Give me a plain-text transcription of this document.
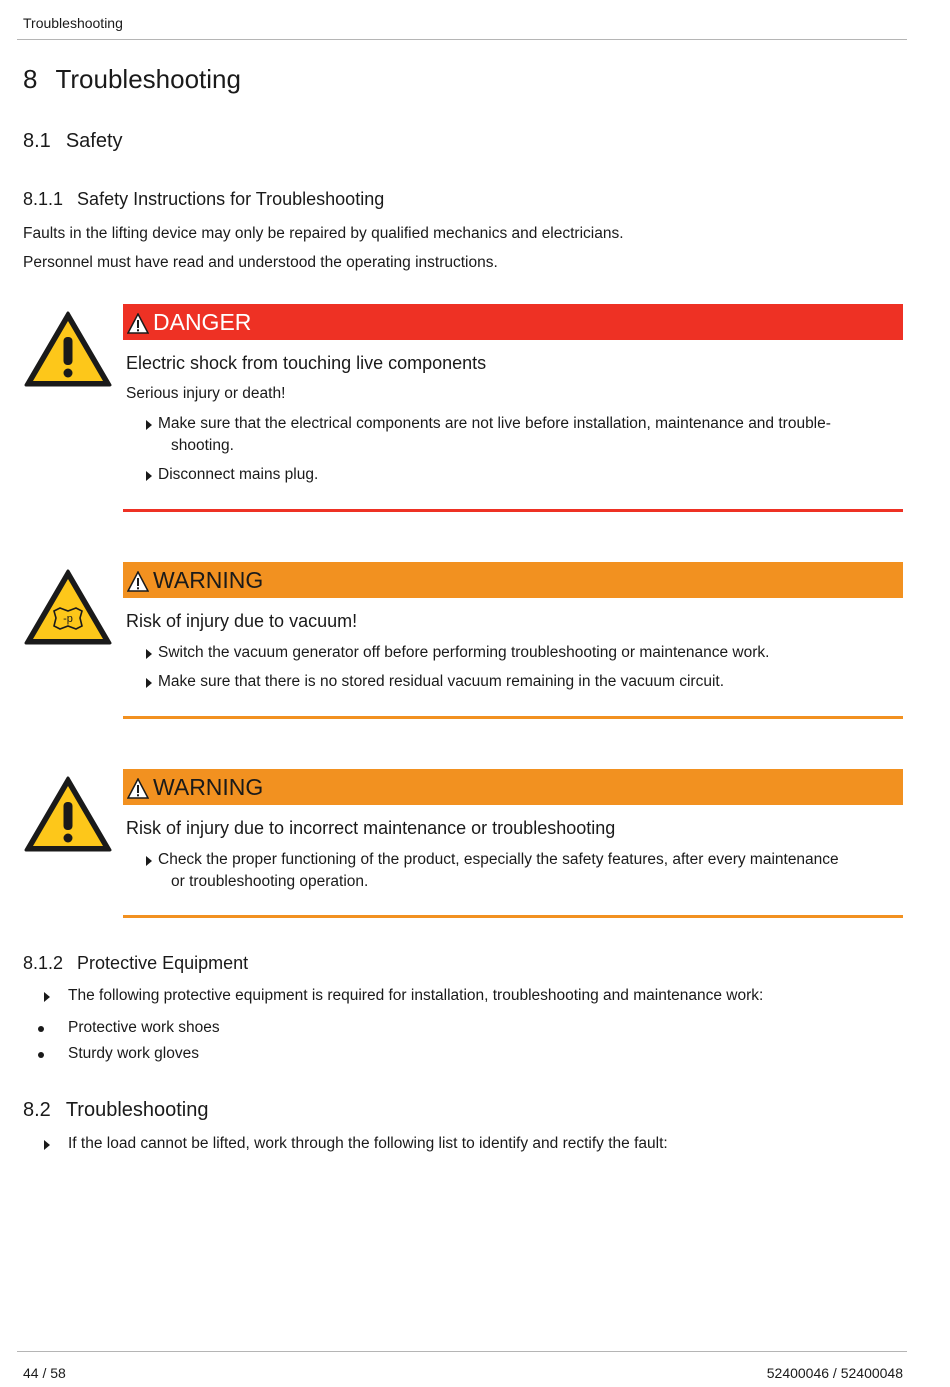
Troubleshooting
8 Troubleshooting
8.1 Safety
8.1.1 Safety Instructions for Troubleshooting
Faults in the lifting device may only be repaired by qualified mechanics and electricians.
Personnel must have read and understood the operating instructions.
DANGER
Electric shock from touching live components
Serious injury or death!
Make sure that the electrical components are not live before installation, maintenance and trouble-
shooting.
Disconnect mains plug.
-p
WARNING
Risk of injury due to vacuum!
Switch the vacuum generator off before performing troubleshooting or maintenance work.
Make sure that there is no stored residual vacuum remaining in the vacuum circuit.
WARNING
Risk of injury due to incorrect maintenance or troubleshooting
Check the proper functioning of the product, especially the safety features, after every maintenance
or troubleshooting operation.
8.1.2 Protective Equipment
The following protective equipment is required for installation, troubleshooting and maintenance work:
Protective work shoes
Sturdy work gloves
8.2 Troubleshooting
If the load cannot be lifted, work through the following list to identify and rectify the fault:
44 / 58	52400046 / 52400048
